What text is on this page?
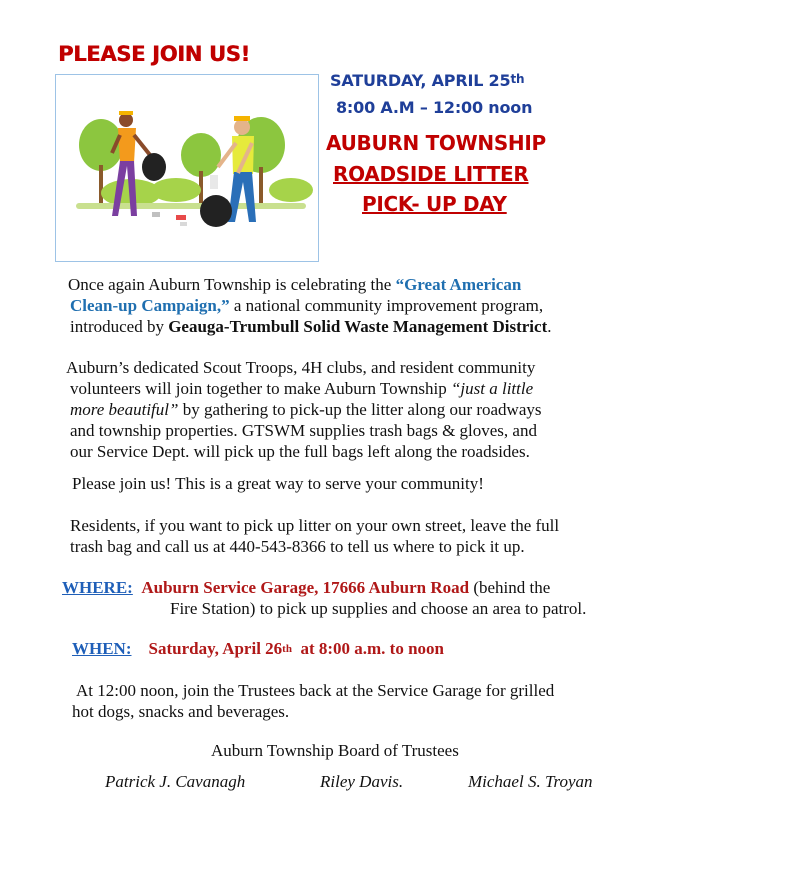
PLEASE JOIN US!
SATURDAY, APRIL 25th
8:00 A.M – 12:00 noon
AUBURN TOWNSHIP
ROADSIDE LITTER
PICK- UP DAY
Once again Auburn Township is celebrating the “Great American
Clean-up Campaign,” a national community improvement program,
introduced by Geauga-Trumbull Solid Waste Management District.
Auburn’s dedicated Scout Troops, 4H clubs, and resident community
volunteers will join together to make Auburn Township “just a little
more beautiful” by gathering to pick-up the litter along our roadways
and township properties. GTSWM supplies trash bags & gloves, and
our Service Dept. will pick up the full bags left along the roadsides.
Please join us! This is a great way to serve your community!
Residents, if you want to pick up litter on your own street, leave the full
trash bag and call us at 440-543-8366 to tell us where to pick it up.
WHERE: Auburn Service Garage, 17666 Auburn Road (behind the
Fire Station) to pick up supplies and choose an area to patrol.
WHEN: Saturday, April 26th  at 8:00 a.m. to noon
At 12:00 noon, join the Trustees back at the Service Garage for grilled
hot dogs, snacks and beverages.
Auburn Township Board of Trustees
Patrick J. Cavanagh	Riley Davis.	Michael S. Troyan
